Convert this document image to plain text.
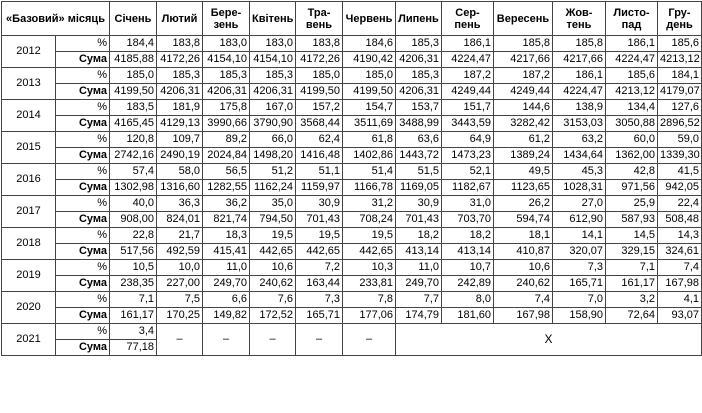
«Базовий» місяць		Січень	Лютий	Берe-зень	Квітень	Тра-вень	Червень	Липень	Сер-пень	Вересень	Жов-тень	Листо-пад	Гру-день
2012	%	184,4	183,8	183,0	183,0	183,8	184,6	185,3	186,1	185,8	185,8	186,1	185,6
	Сума	4185,88	4172,26	4154,10	4154,10	4172,26	4190,42	4206,31	4224,47	4217,66	4217,66	4224,47	4213,12
2013	%	185,0	185,3	185,3	185,3	185,0	185,0	185,3	187,2	187,2	186,1	185,6	184,1
	Сума	4199,50	4206,31	4206,31	4206,31	4199,50	4199,50	4206,31	4249,44	4249,44	4224,47	4213,12	4179,07
2014	%	183,5	181,9	175,8	167,0	157,2	154,7	153,7	151,7	144,6	138,9	134,4	127,6
	Сума	4165,45	4129,13	3990,66	3790,90	3568,44	3511,69	3488,99	3443,59	3282,42	3153,03	3050,88	2896,52
2015	%	120,8	109,7	89,2	66,0	62,4	61,8	63,6	64,9	61,2	63,2	60,0	59,0
	Сума	2742,16	2490,19	2024,84	1498,20	1416,48	1402,86	1443,72	1473,23	1389,24	1434,64	1362,00	1339,30
2016	%	57,4	58,0	56,5	51,2	51,1	51,4	51,5	52,1	49,5	45,3	42,8	41,5
	Сума	1302,98	1316,60	1282,55	1162,24	1159,97	1166,78	1169,05	1182,67	1123,65	1028,31	971,56	942,05
2017	%	40,0	36,3	36,2	35,0	30,9	31,2	30,9	31,0	26,2	27,0	25,9	22,4
	Сума	908,00	824,01	821,74	794,50	701,43	708,24	701,43	703,70	594,74	612,90	587,93	508,48
2018	%	22,8	21,7	18,3	19,5	19,5	19,5	18,2	18,2	18,1	14,1	14,5	14,3
	Сума	517,56	492,59	415,41	442,65	442,65	442,65	413,14	413,14	410,87	320,07	329,15	324,61
2019	%	10,5	10,0	11,0	10,6	7,2	10,3	11,0	10,7	10,6	7,3	7,1	7,4
	Сума	238,35	227,00	249,70	240,62	163,44	233,81	249,70	242,89	240,62	165,71	161,17	167,98
2020	%	7,1	7,5	6,6	7,6	7,3	7,8	7,7	8,0	7,4	7,0	3,2	4,1
	Сума	161,17	170,25	149,82	172,52	165,71	177,06	174,79	181,60	167,98	158,90	72,64	93,07
2021	%	3,4	–	–	–	–	–	Х					
	Сума	77,18											
